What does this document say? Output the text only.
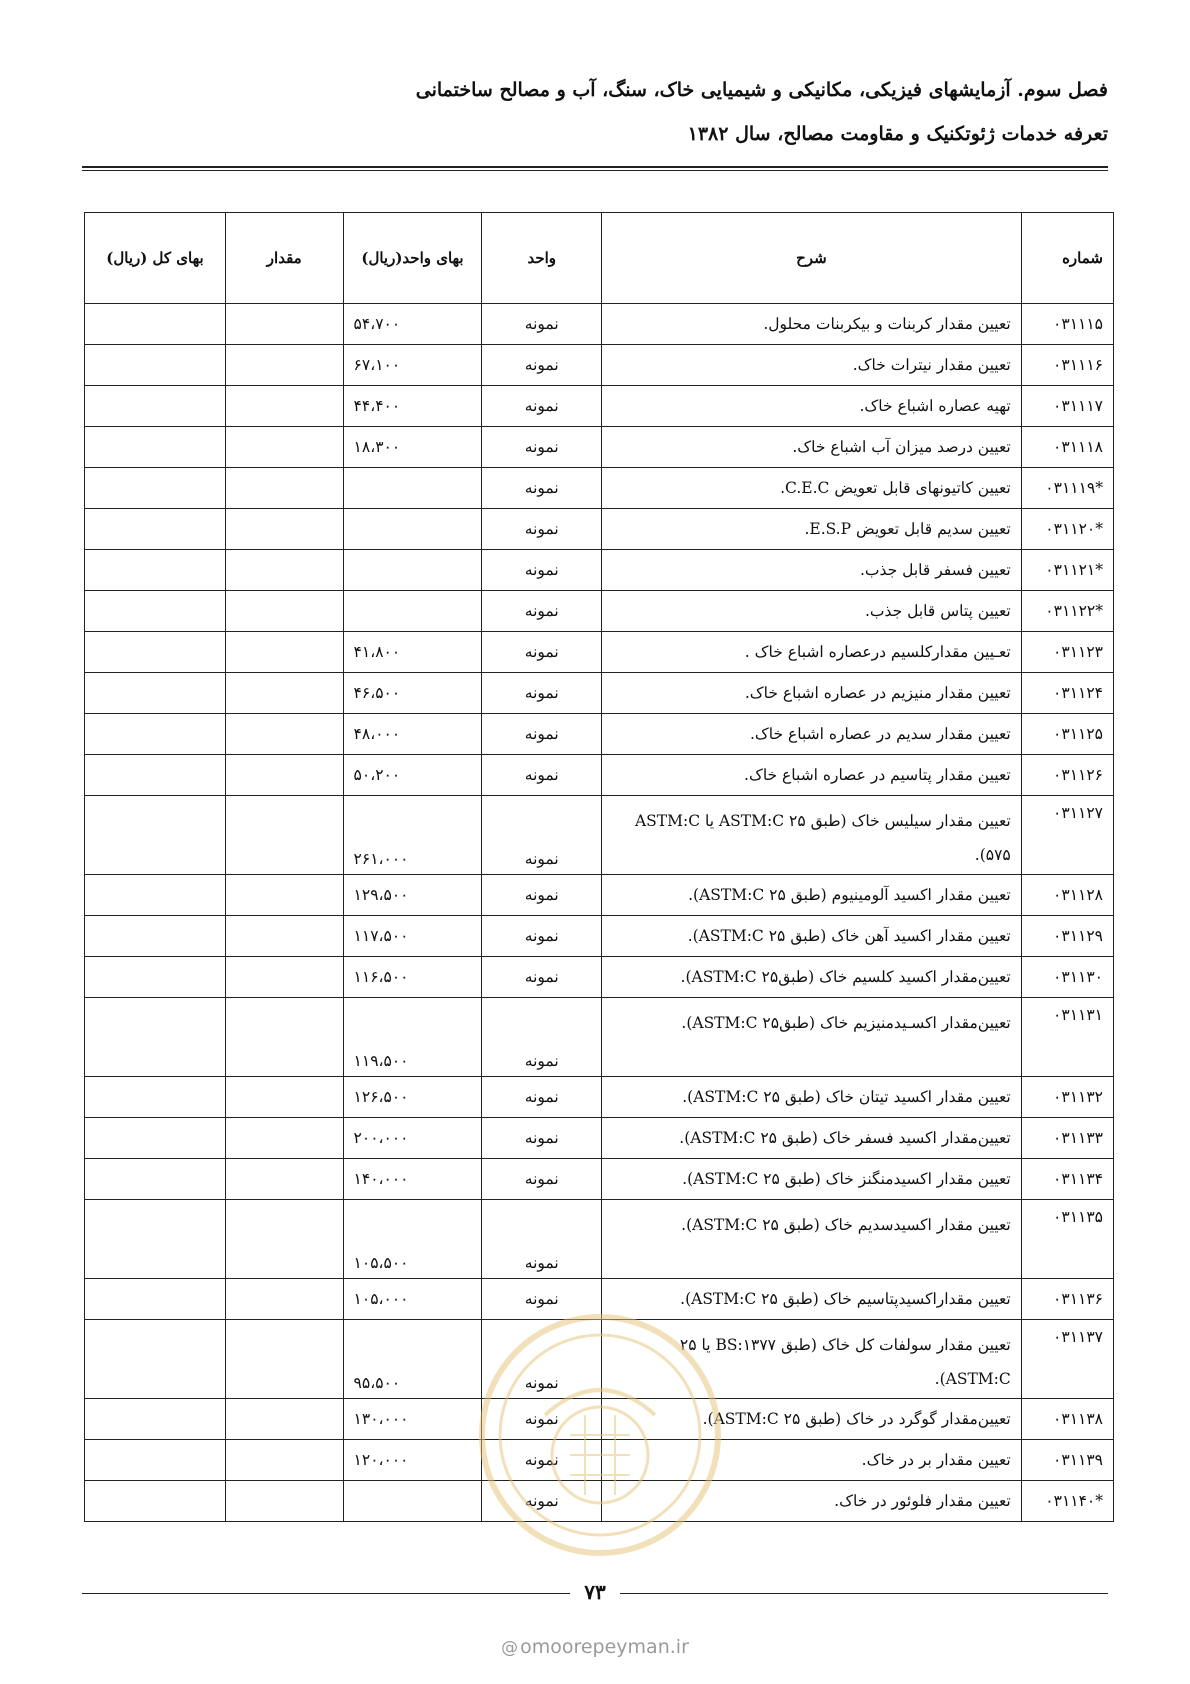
فصل سوم. آزمایشهای فیزیکی، مکانیکی و شیمیایی خاک، سنگ، آب و مصالح ساختمانی
تعرفه خدمات ژئوتکنیک و مقاومت مصالح، سال ۱۳۸۲
شماره	شرح	واحد	بهای واحد(ریال)	مقدار	بهای کل (ریال)
۰۳۱۱۱۵	تعیین مقدار کربنات و بیکربنات محلول.	نمونه	۵۴،۷۰۰		
۰۳۱۱۱۶	تعیین مقدار نیترات خاک.	نمونه	۶۷،۱۰۰		
۰۳۱۱۱۷	تهیه عصاره اشباع خاک.	نمونه	۴۴،۴۰۰		
۰۳۱۱۱۸	تعیین درصد میزان آب اشباع خاک.	نمونه	۱۸،۳۰۰		
*۰۳۱۱۱۹	تعیین کاتیونهای قابل تعویض C.E.C.	نمونه			
*۰۳۱۱۲۰	تعیین سدیم قابل تعویض E.S.P.	نمونه			
*۰۳۱۱۲۱	تعیین فسفر قابل جذب.	نمونه			
*۰۳۱۱۲۲	تعیین پتاس قابل جذب.	نمونه			
۰۳۱۱۲۳	تعـیین مقدارکلسیم درعصاره اشباع خاک .	نمونه	۴۱،۸۰۰		
۰۳۱۱۲۴	تعیین مقدار منیزیم در عصاره اشباع خاک.	نمونه	۴۶،۵۰۰		
۰۳۱۱۲۵	تعیین مقدار سدیم در عصاره اشباع خاک.	نمونه	۴۸،۰۰۰		
۰۳۱۱۲۶	تعیین مقدار پتاسیم در عصاره اشباع خاک.	نمونه	۵۰،۲۰۰		
۰۳۱۱۲۷	تعیین مقدار سیلیس خاک (طبق ۲۵ ASTM:C یا ASTM:C ۵۷۵).	نمونه	۲۶۱،۰۰۰		
۰۳۱۱۲۸	تعیین مقدار اکسید آلومینیوم (طبق ۲۵ ASTM:C).	نمونه	۱۲۹،۵۰۰		
۰۳۱۱۲۹	تعیین مقدار اکسید آهن خاک (طبق ۲۵ ASTM:C).	نمونه	۱۱۷،۵۰۰		
۰۳۱۱۳۰	تعیین‌مقدار اکسید کلسیم خاک (طبق۲۵ ASTM:C).	نمونه	۱۱۶،۵۰۰		
۰۳۱۱۳۱	تعیین‌مقدار اکسـیدمنیزیم خاک (طبق۲۵ ASTM:C).	نمونه	۱۱۹،۵۰۰		
۰۳۱۱۳۲	تعیین مقدار اکسید تیتان خاک (طبق ۲۵ ASTM:C).	نمونه	۱۲۶،۵۰۰		
۰۳۱۱۳۳	تعیین‌مقدار اکسید فسفر خاک (طبق ۲۵ ASTM:C).	نمونه	۲۰۰،۰۰۰		
۰۳۱۱۳۴	تعیین مقدار اکسیدمنگنز خاک (طبق ۲۵ ASTM:C).	نمونه	۱۴۰،۰۰۰		
۰۳۱۱۳۵	تعیین مقدار اکسیدسدیم خاک (طبق ۲۵ ASTM:C).	نمونه	۱۰۵،۵۰۰		
۰۳۱۱۳۶	تعیین مقداراکسیدپتاسیم خاک (طبق ۲۵ ASTM:C).	نمونه	۱۰۵،۰۰۰		
۰۳۱۱۳۷	تعیین مقدار سولفات کل خاک (طبق BS:۱۳۷۷ یا ۲۵ ASTM:C).	نمونه	۹۵،۵۰۰		
۰۳۱۱۳۸	تعیین‌مقدار گوگرد در خاک (طبق ۲۵ ASTM:C).	نمونه	۱۳۰،۰۰۰		
۰۳۱۱۳۹	تعیین مقدار بر در خاک.	نمونه	۱۲۰،۰۰۰		
*۰۳۱۱۴۰	تعیین مقدار فلوئور در خاک.	نمونه			
۷۳
@ omoorepeyman.ir
